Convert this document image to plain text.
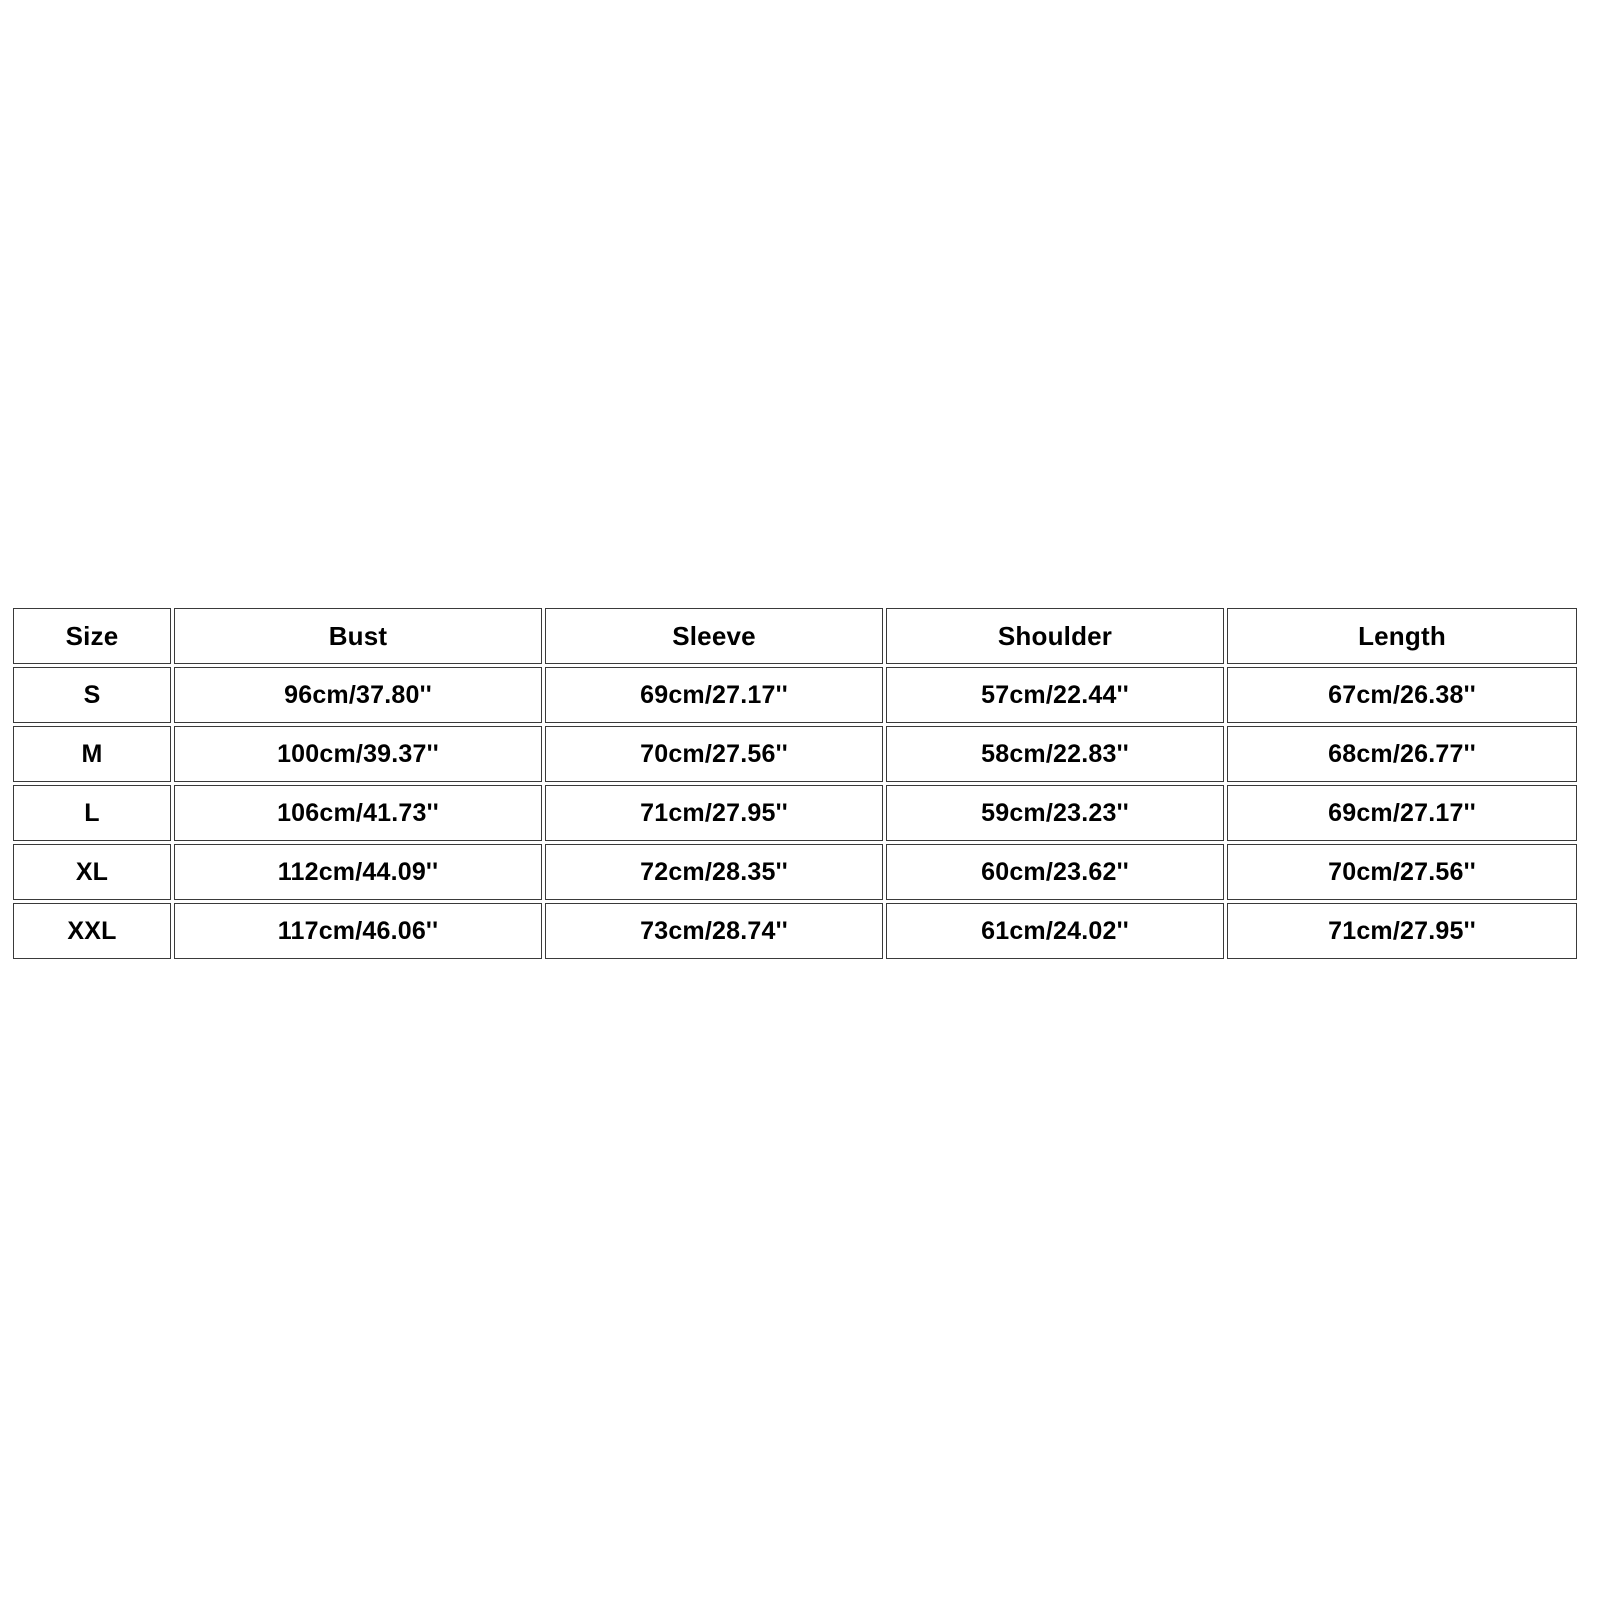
Size	Bust	Sleeve	Shoulder	Length
S	96cm/37.80''	69cm/27.17''	57cm/22.44''	67cm/26.38''
M	100cm/39.37''	70cm/27.56''	58cm/22.83''	68cm/26.77''
L	106cm/41.73''	71cm/27.95''	59cm/23.23''	69cm/27.17''
XL	112cm/44.09''	72cm/28.35''	60cm/23.62''	70cm/27.56''
XXL	117cm/46.06''	73cm/28.74''	61cm/24.02''	71cm/27.95''
